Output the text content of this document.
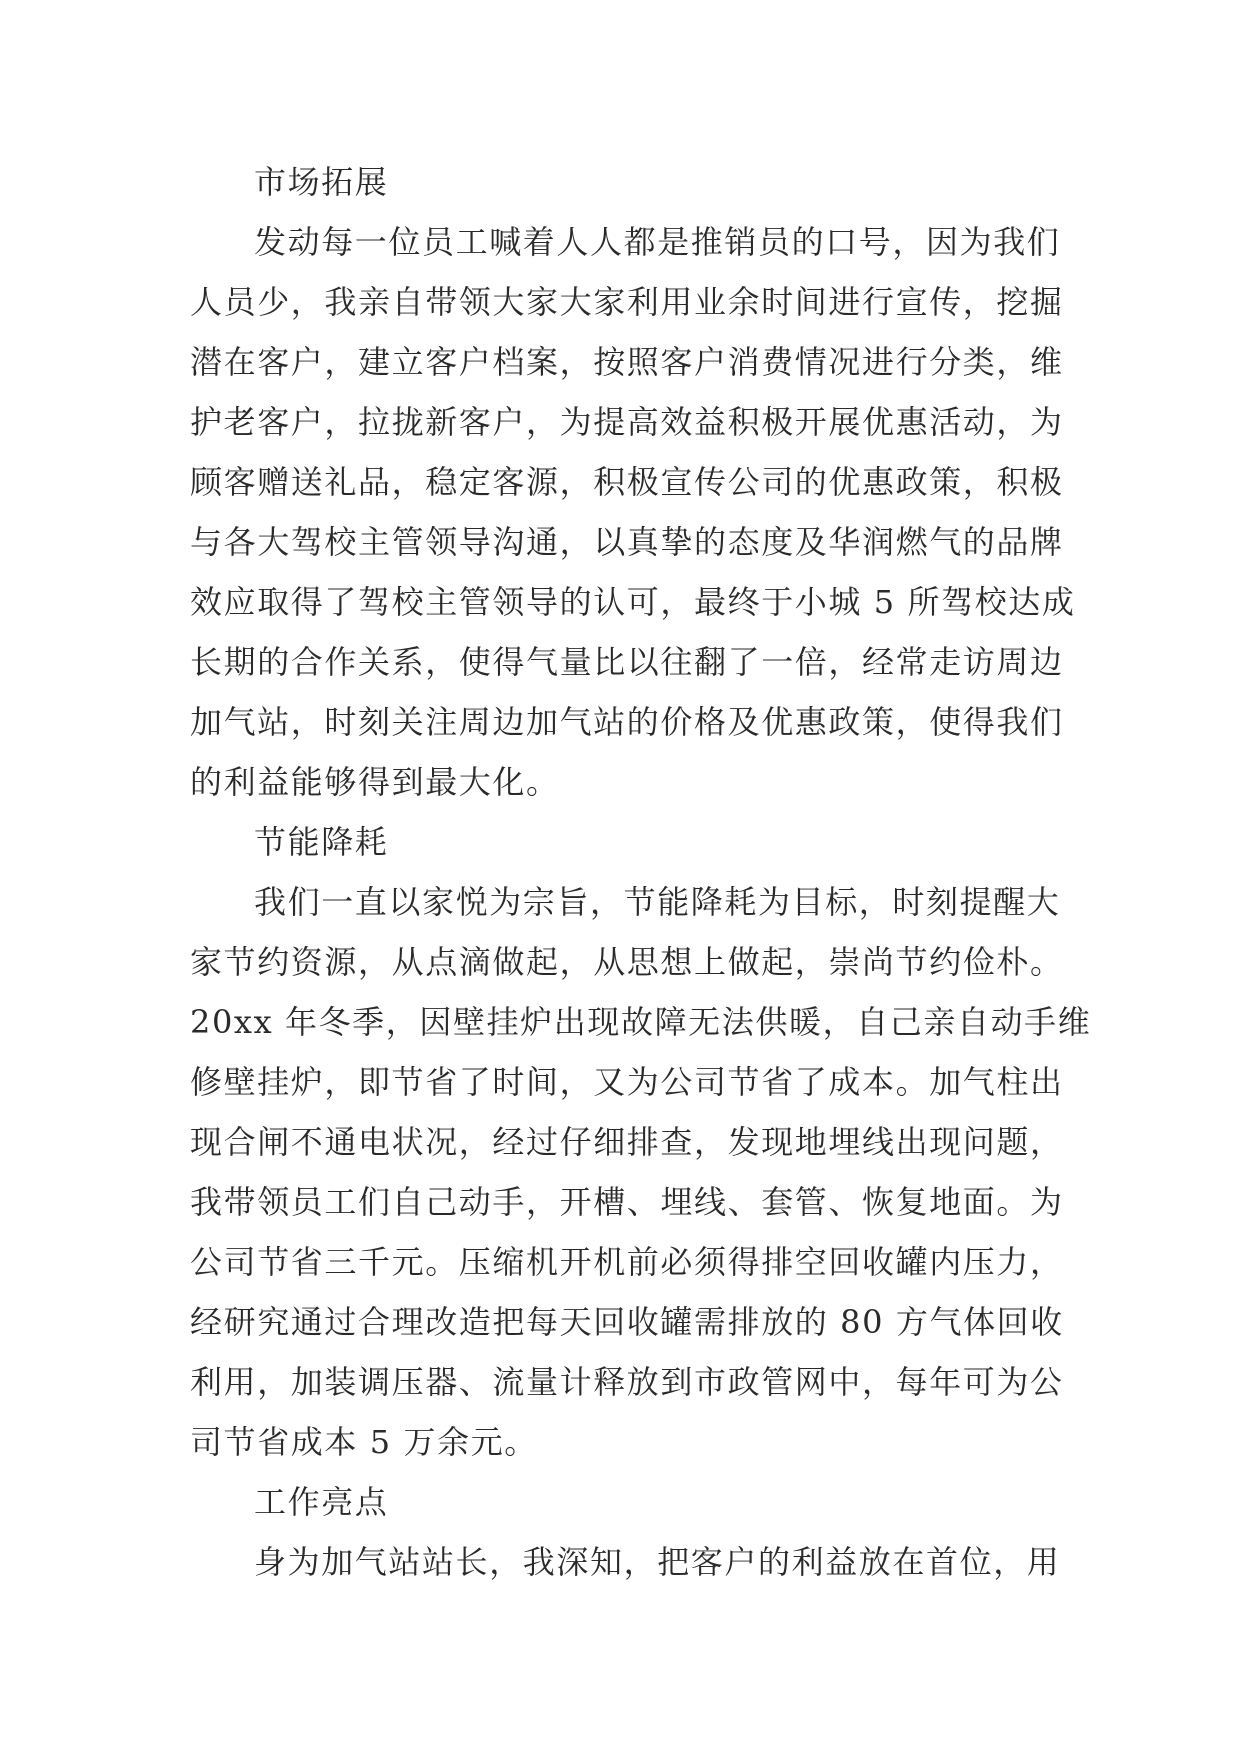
市场拓展
发动每一位员工喊着人人都是推销员的口号，因为我们
人员少，我亲自带领大家大家利用业余时间进行宣传，挖掘
潜在客户，建立客户档案，按照客户消费情况进行分类，维
护老客户，拉拢新客户，为提高效益积极开展优惠活动，为
顾客赠送礼品，稳定客源，积极宣传公司的优惠政策，积极
与各大驾校主管领导沟通，以真挚的态度及华润燃气的品牌
效应取得了驾校主管领导的认可，最终于小城 5 所驾校达成
长期的合作关系，使得气量比以往翻了一倍，经常走访周边
加气站，时刻关注周边加气站的价格及优惠政策，使得我们
的利益能够得到最大化。
节能降耗
我们一直以家悦为宗旨，节能降耗为目标，时刻提醒大
家节约资源，从点滴做起，从思想上做起，崇尚节约俭朴。
20xx 年冬季，因壁挂炉出现故障无法供暖，自己亲自动手维
修壁挂炉，即节省了时间，又为公司节省了成本。加气柱出
现合闸不通电状况，经过仔细排查，发现地埋线出现问题，
我带领员工们自己动手，开槽、埋线、套管、恢复地面。为
公司节省三千元。压缩机开机前必须得排空回收罐内压力，
经研究通过合理改造把每天回收罐需排放的 80 方气体回收
利用，加装调压器、流量计释放到市政管网中，每年可为公
司节省成本 5 万余元。
工作亮点
身为加气站站长，我深知，把客户的利益放在首位，用
